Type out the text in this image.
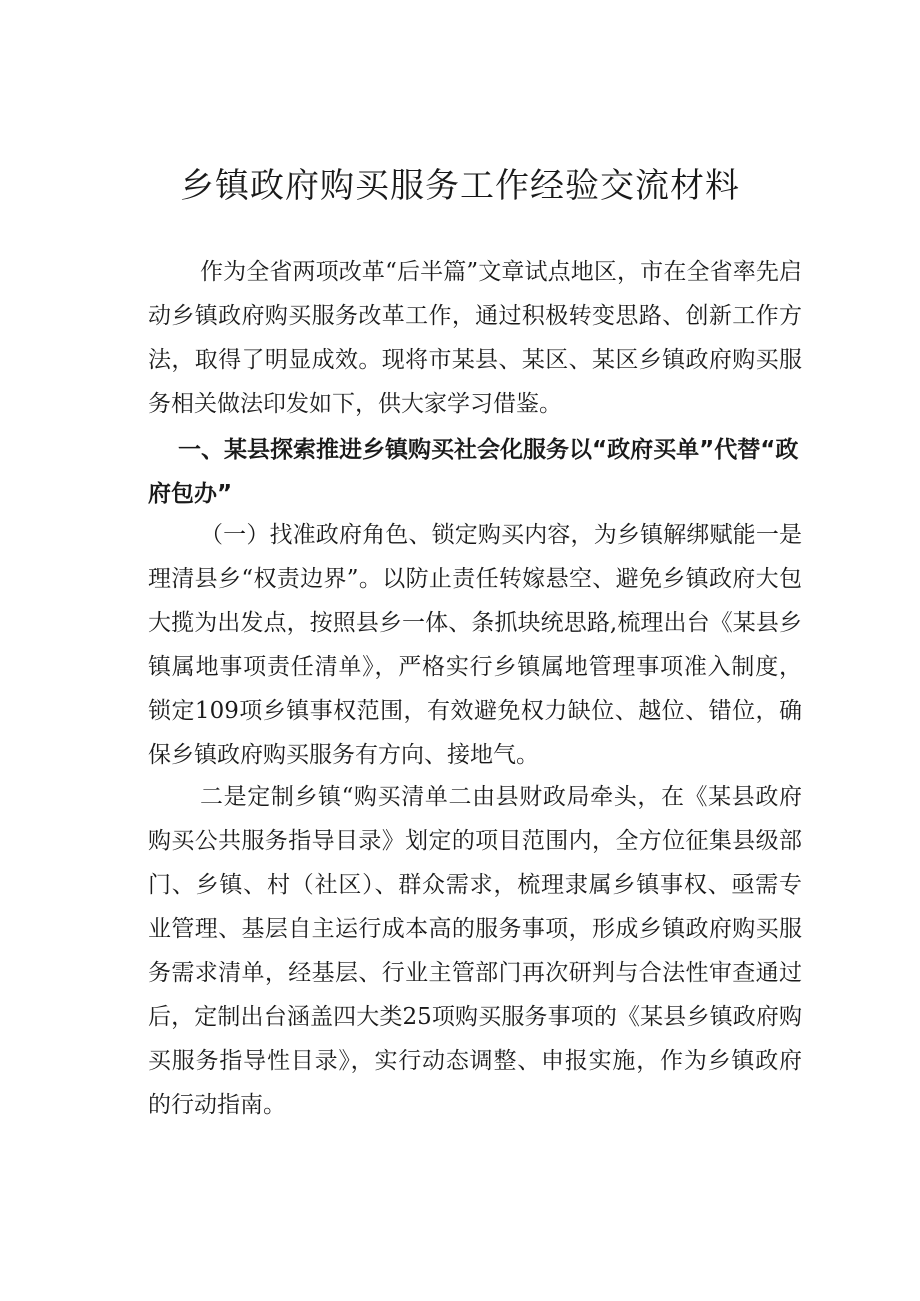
乡镇政府购买服务工作经验交流材料

作为全省两项改革“后半篇”文章试点地区，市在全省率先启动乡镇政府购买服务改革工作，通过积极转变思路、创新工作方法，取得了明显成效。现将市某县、某区、某区乡镇政府购买服务相关做法印发如下，供大家学习借鉴。

一、某县探索推进乡镇购买社会化服务以“政府买单”代替“政府包办”

（一）找准政府角色、锁定购买内容，为乡镇解绑赋能一是理清县乡“权责边界”。以防止责任转嫁悬空、避免乡镇政府大包大揽为出发点，按照县乡一体、条抓块统思路,梳理出台《某县乡镇属地事项责任清单》，严格实行乡镇属地管理事项准入制度，锁定109项乡镇事权范围，有效避免权力缺位、越位、错位，确保乡镇政府购买服务有方向、接地气。

二是定制乡镇“购买清单二由县财政局牵头，在《某县政府购买公共服务指导目录》划定的项目范围内，全方位征集县级部门、乡镇、村（社区）、群众需求，梳理隶属乡镇事权、亟需专业管理、基层自主运行成本高的服务事项，形成乡镇政府购买服务需求清单，经基层、行业主管部门再次研判与合法性审查通过后，定制出台涵盖四大类25项购买服务事项的《某县乡镇政府购买服务指导性目录》，实行动态调整、申报实施，作为乡镇政府的行动指南。
